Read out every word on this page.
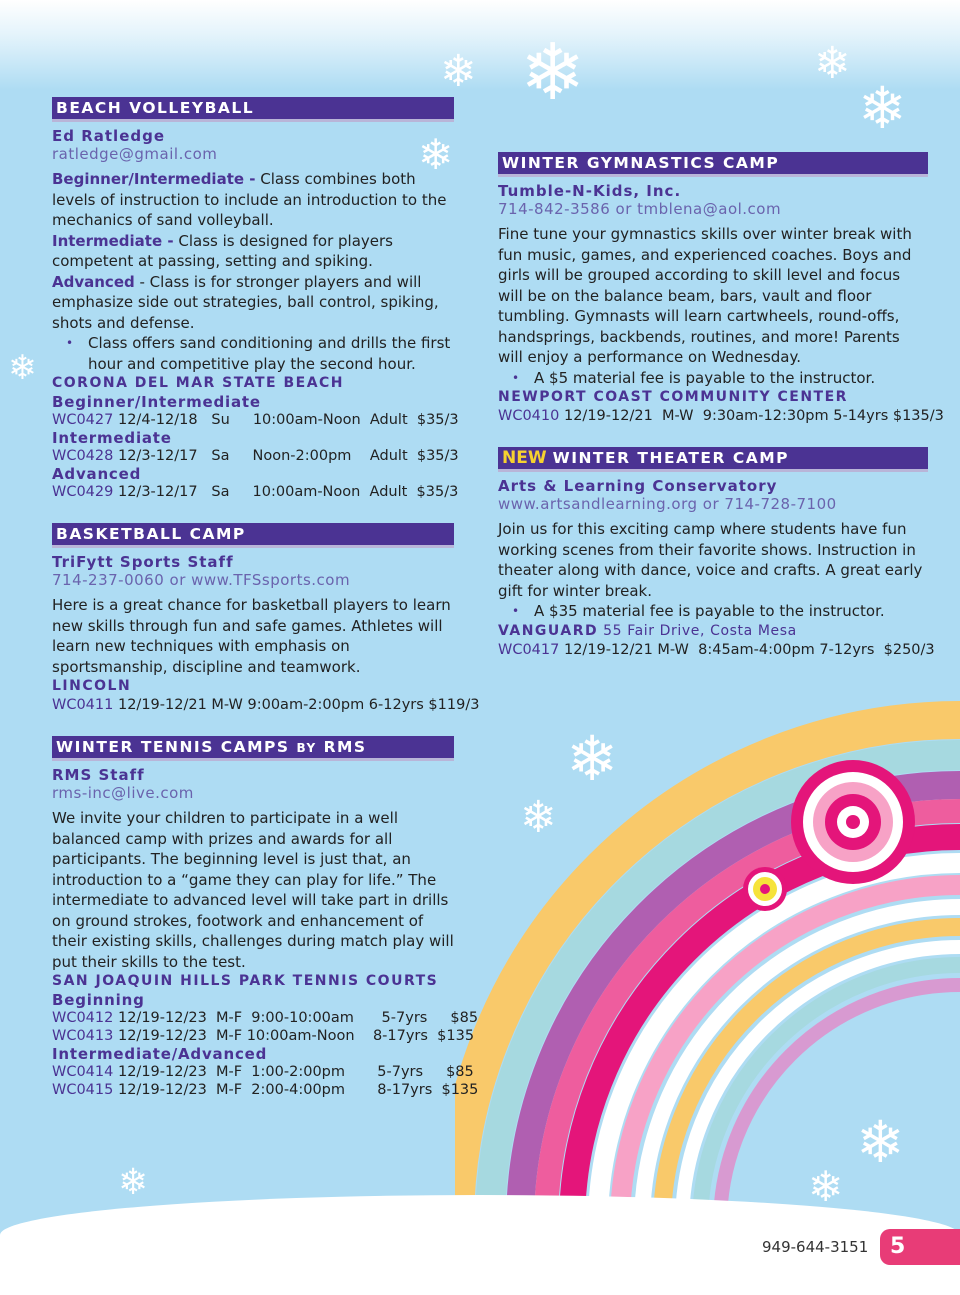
❄
❄	❄
❄
❄
❄
❄
❄
❄
❄
❄
BEACH VOLLEYBALL
Ed Ratledge
ratledge@gmail.com

Beginner/Intermediate - Class combines both levels of instruction to include an introduction to the mechanics of sand volleyball.

Intermediate - Class is designed for players competent at passing, setting and spiking.

Advanced - Class is for stronger players and will emphasize side out strategies, ball control, spiking, shots and defense.

• Class offers sand conditioning and drills the first hour and competitive play the second hour.
CORONA DEL MAR STATE BEACH
Beginner/Intermediate
WC0427 12/4-12/18   Su     10:00am-Noon  Adult  $35/3
Intermediate
WC0428 12/3-12/17   Sa     Noon-2:00pm    Adult  $35/3
Advanced
WC0429 12/3-12/17   Sa     10:00am-Noon  Adult  $35/3
BASKETBALL CAMP
TriFytt Sports Staff
714-237-0060 or www.TFSsports.com

Here is a great chance for basketball players to learn new skills through fun and safe games. Athletes will learn new techniques with emphasis on sportsmanship, discipline and teamwork.

LINCOLN
WC0411 12/19-12/21 M-W 9:00am-2:00pm 6-12yrs $119/3
WINTER TENNIS CAMPS BY RMS
RMS Staff
rms-inc@live.com

We invite your children to participate in a well balanced camp with prizes and awards for all participants. The beginning level is just that, an introduction to a “game they can play for life.” The intermediate to advanced level will take part in drills on ground strokes, footwork and enhancement of their existing skills, challenges during match play will put their skills to the test.

SAN JOAQUIN HILLS PARK TENNIS COURTS
Beginning
WC0412 12/19-12/23  M-F  9:00-10:00am      5-7yrs     $85
WC0413 12/19-12/23  M-F 10:00am-Noon    8-17yrs  $135
Intermediate/Advanced
WC0414 12/19-12/23  M-F  1:00-2:00pm       5-7yrs     $85
WC0415 12/19-12/23  M-F  2:00-4:00pm       8-17yrs  $135
WINTER GYMNASTICS CAMP
Tumble-N-Kids, Inc.
714-842-3586 or tmblena@aol.com

Fine tune your gymnastics skills over winter break with fun music, games, and experienced coaches. Boys and girls will be grouped according to skill level and focus will be on the balance beam, bars, vault and floor tumbling. Gymnasts will learn cartwheels, round-offs, handsprings, backbends, routines, and more! Parents will enjoy a performance on Wednesday.

• A $5 material fee is payable to the instructor.
NEWPORT COAST COMMUNITY CENTER
WC0410 12/19-12/21  M-W  9:30am-12:30pm 5-14yrs $135/3
NEW WINTER THEATER CAMP
Arts & Learning Conservatory
www.artsandlearning.org or 714-728-7100

Join us for this exciting camp where students have fun working scenes from their favorite shows. Instruction in theater along with dance, voice and crafts. A great early gift for winter break.

• A $35 material fee is payable to the instructor.
VANGUARD 55 Fair Drive, Costa Mesa
WC0417 12/19-12/21 M-W  8:45am-4:00pm 7-12yrs  $250/3
949-644-3151 5
